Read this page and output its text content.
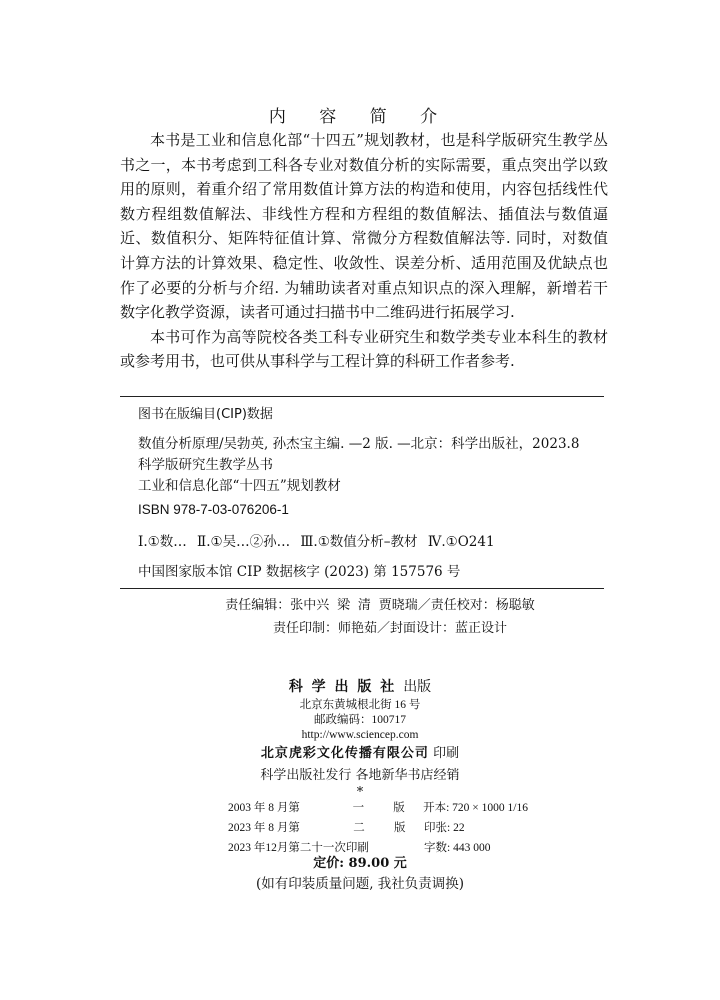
内 容 简 介

本书是工业和信息化部“十四五”规划教材，也是科学版研究生教学丛书之一，本书考虑到工科各专业对数值分析的实际需要，重点突出学以致用的原则，着重介绍了常用数值计算方法的构造和使用，内容包括线性代数方程组数值解法、非线性方程和方程组的数值解法、插值法与数值逼近、数值积分、矩阵特征值计算、常微分方程数值解法等. 同时，对数值计算方法的计算效果、稳定性、收敛性、误差分析、适用范围及优缺点也作了必要的分析与介绍. 为辅助读者对重点知识点的深入理解，新增若干数字化教学资源，读者可通过扫描书中二维码进行拓展学习.

本书可作为高等院校各类工科专业研究生和数学类专业本科生的教材或参考用书，也可供从事科学与工程计算的科研工作者参考.

图书在版编目(CIP)数据
数值分析原理/吴勃英, 孙杰宝主编. —2 版. —北京：科学出版社，2023.8
科学版研究生教学丛书
工业和信息化部“十四五”规划教材
ISBN 978-7-03-076206-1
Ⅰ.①数… Ⅱ.①吴…②孙… Ⅲ.①数值分析–教材 Ⅳ.①O241
中国图家版本馆 CIP 数据核字 (2023) 第 157576 号
责任编辑：张中兴 梁 清 贾晓瑞／责任校对：杨聪敏
责任印制：师艳茹／封面设计：蓝正设计
科 学 出 版 社 出版
北京东黄城根北街 16 号
邮政编码：100717
http://www.sciencep.com
北京虎彩文化传播有限公司 印刷
科学出版社发行 各地新华书店经销
*
2003 年 8 月第	一	版	开本: 720 × 1000 1/16
2023 年 8 月第	二	版	印张: 22
2023 年12月第二十一次印刷	字数: 443 000
定价: 89.00 元
(如有印装质量问题, 我社负责调换)
